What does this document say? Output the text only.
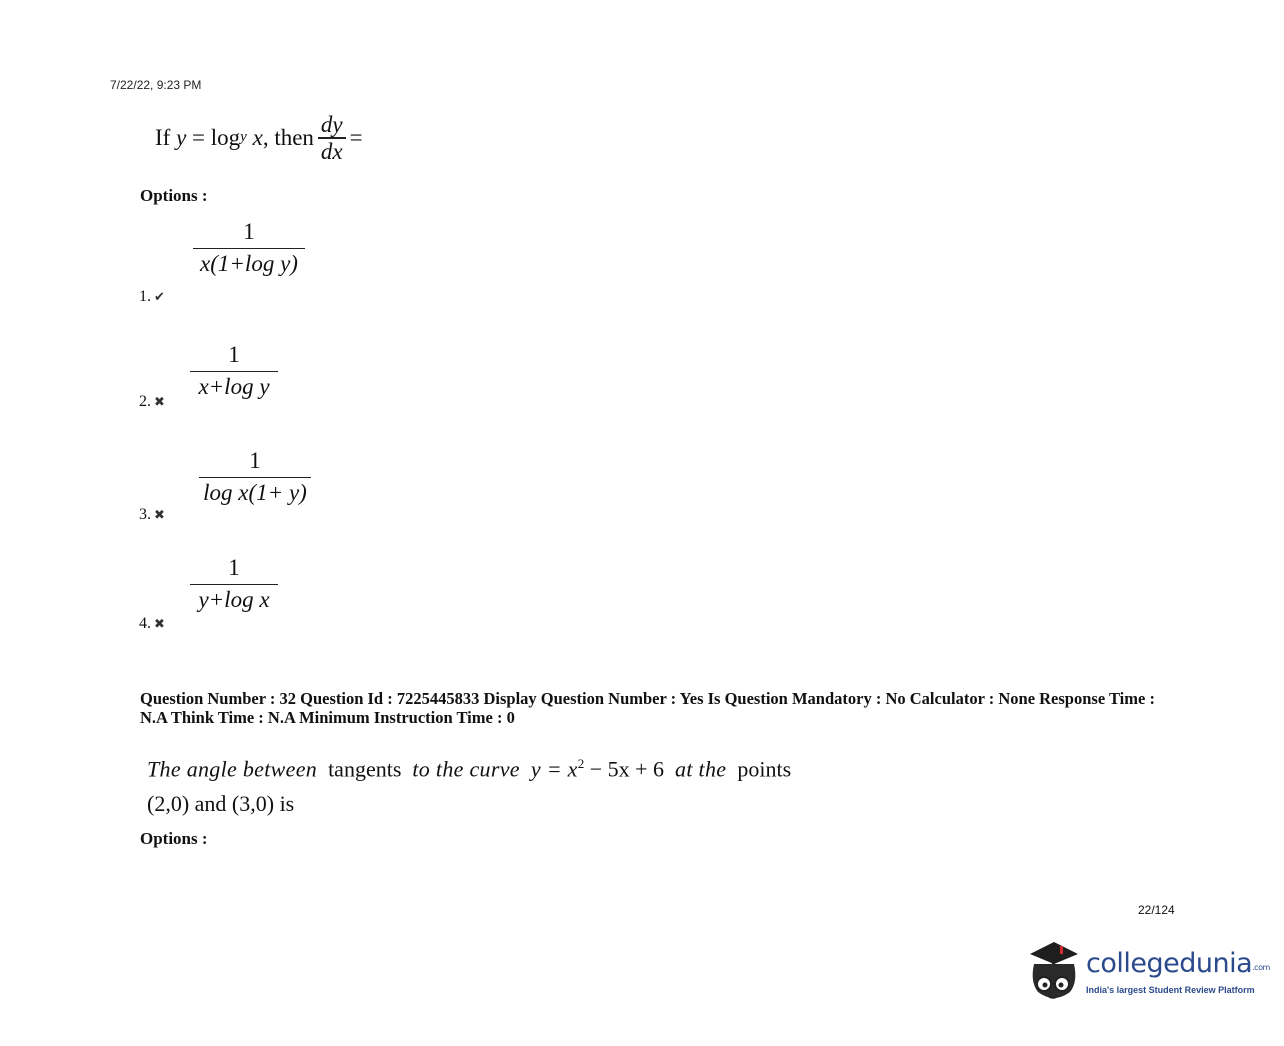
7/22/22, 9:23 PM
If
y
=
log y
x , then $\frac{dy}{dx}$ =
Options :
1
x(1+log y)
1. ✔
1
x+log y
2. ✖
1
log x(1+ y)
3. ✖
1
y+log x
4. ✖
Question Number : 32 Question Id : 7225445833 Display Question Number : Yes Is Question Mandatory : No Calculator : None Response Time : N.A Think Time : N.A Minimum Instruction Time : 0
The angle between tangents to the curve $y = x^2 - 5x + 6$ at the points
(2,0) and (3,0) is
Options :
22/124
collegedunia.com
India's largest Student Review Platform
